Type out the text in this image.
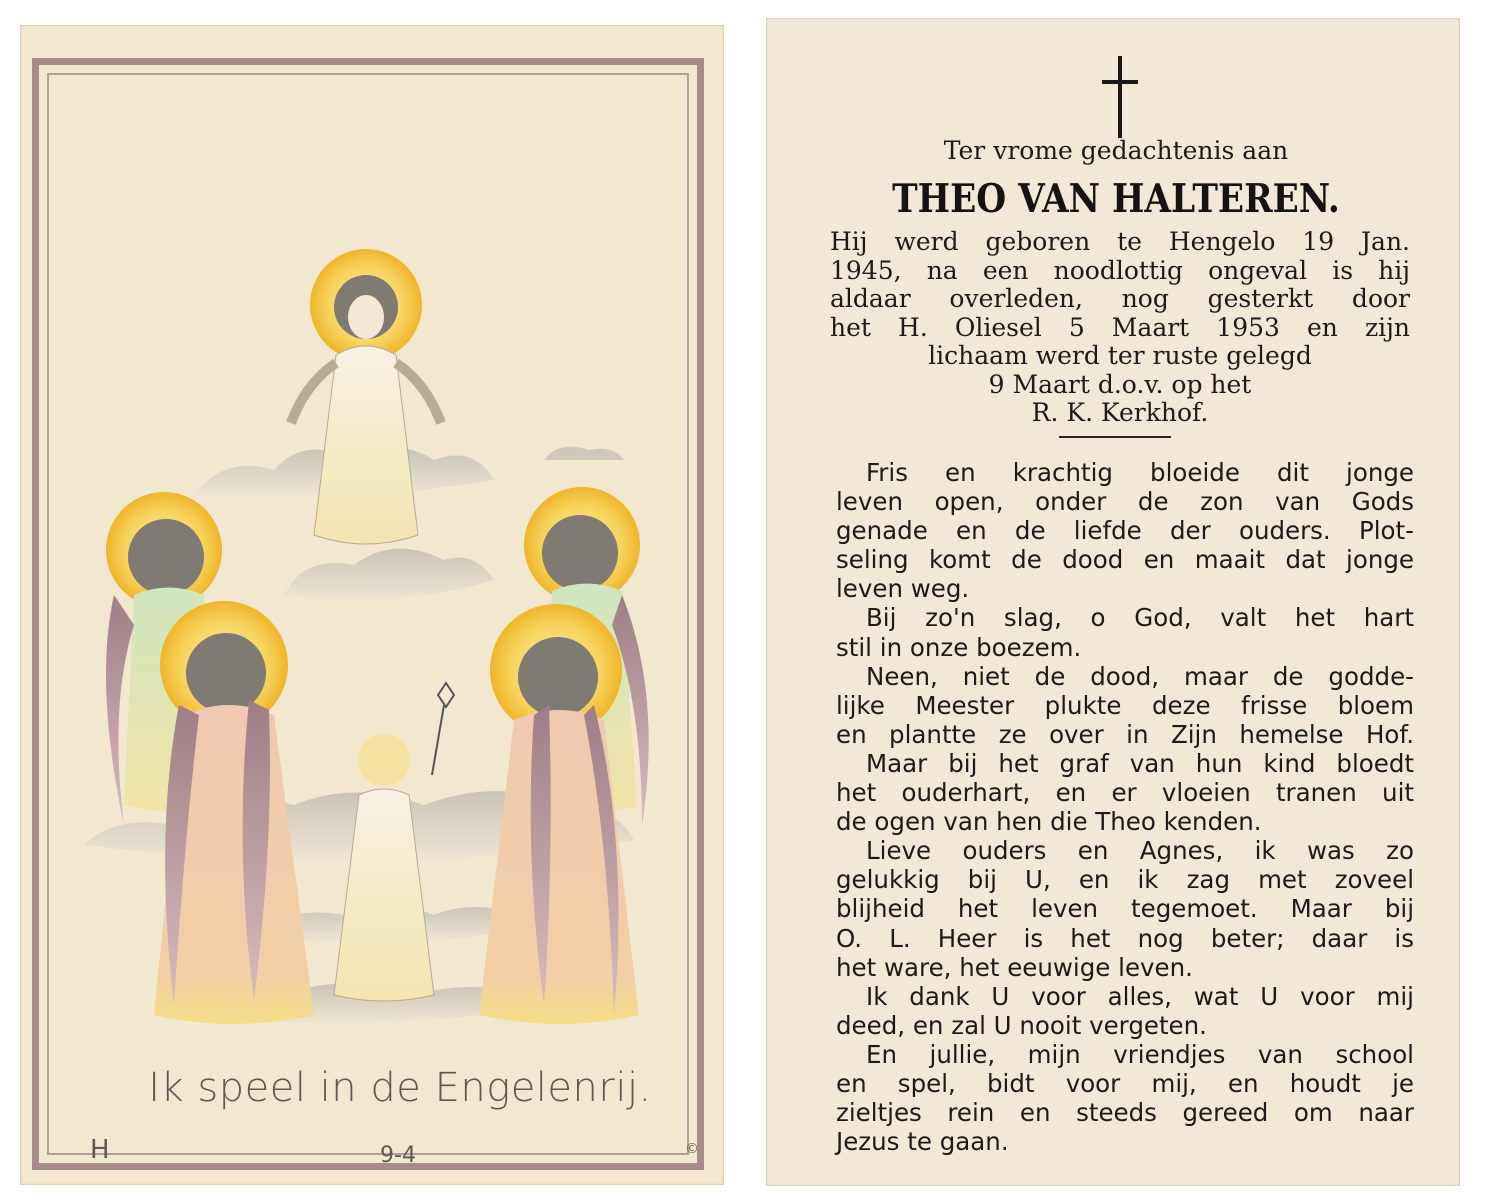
Ik speel in de Engelenrij.
9-4
H	©
Ter vrome gedachtenis aan
THEO VAN HALTEREN.
Hij werd geboren te Hengelo 19 Jan.
1945, na een noodlottig ongeval is hij
aldaar overleden, nog gesterkt door
het H. Oliesel 5 Maart 1953 en zijn
lichaam werd ter ruste gelegd
9 Maart d.o.v. op het
R. K. Kerkhof.
Fris en krachtig bloeide dit jonge
leven open, onder de zon van Gods
genade en de liefde der ouders. Plot-
seling komt de dood en maait dat jonge
leven weg.
Bij zo'n slag, o God, valt het hart
stil in onze boezem.
Neen, niet de dood, maar de godde-
lijke Meester plukte deze frisse bloem
en plantte ze over in Zijn hemelse Hof.
Maar bij het graf van hun kind bloedt
het ouderhart, en er vloeien tranen uit
de ogen van hen die Theo kenden.
Lieve ouders en Agnes, ik was zo
gelukkig bij U, en ik zag met zoveel
blijheid het leven tegemoet. Maar bij
O. L. Heer is het nog beter; daar is
het ware, het eeuwige leven.
Ik dank U voor alles, wat U voor mij
deed, en zal U nooit vergeten.
En jullie, mijn vriendjes van school
en spel, bidt voor mij, en houdt je
zieltjes rein en steeds gereed om naar
Jezus te gaan.
